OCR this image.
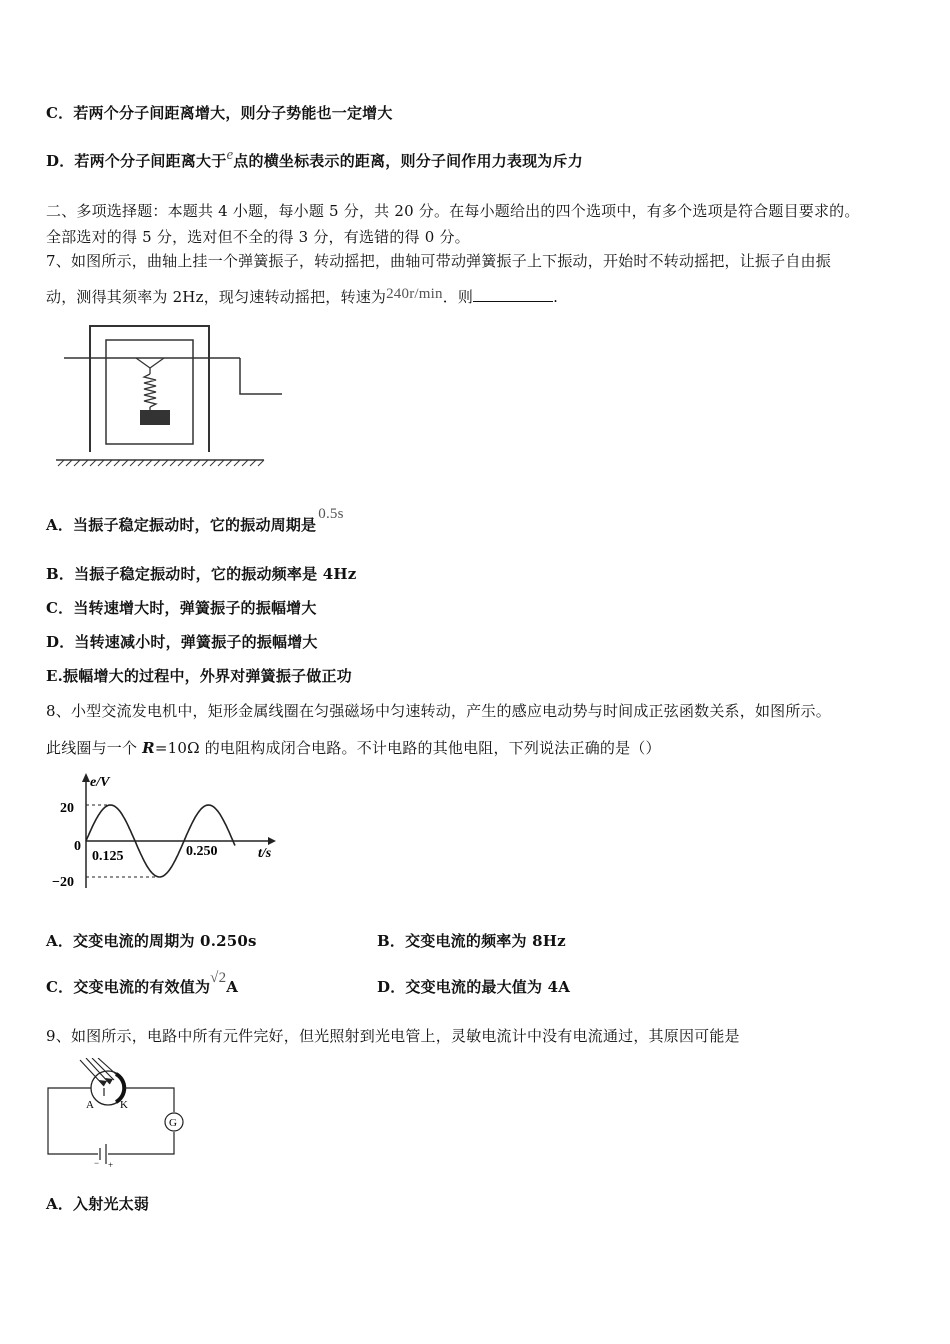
C．若两个分子间距离增大，则分子势能也一定增大
D．若两个分子间距离大于e点的横坐标表示的距离，则分子间作用力表现为斥力
二、多项选择题：本题共 4 小题，每小题 5 分，共 20 分。在每小题给出的四个选项中，有多个选项是符合题目要求的。
全部选对的得 5 分，选对但不全的得 3 分，有选错的得 0 分。
7、如图所示，曲轴上挂一个弹簧振子，转动摇把，曲轴可带动弹簧振子上下振动，开始时不转动摇把，让振子自由振
动，测得其须率为 2Hz，现匀速转动摇把，转速为240r/min．则	.
A．当振子稳定振动时，它的振动周期是0.5s
B．当振子稳定振动时，它的振动频率是 4Hz
C．当转速增大时，弹簧振子的振幅增大
D．当转速减小时，弹簧振子的振幅增大
E.振幅增大的过程中，外界对弹簧振子做正功
8、小型交流发电机中，矩形金属线圈在匀强磁场中匀速转动，产生的感应电动势与时间成正弦函数关系，如图所示。
此线圈与一个 R=10Ω 的电阻构成闭合电路。不计电路的其他电阻，下列说法正确的是（）
e/V
t/s
20
0
−20
0.125	0.250
A．交变电流的周期为 0.250s	B．交变电流的频率为 8Hz
C．交变电流的有效值为√2A	D．交变电流的最大值为 4A
9、如图所示，电路中所有元件完好，但光照射到光电管上，灵敏电流计中没有电流通过，其原因可能是
A K
G
− +
A．入射光太弱
